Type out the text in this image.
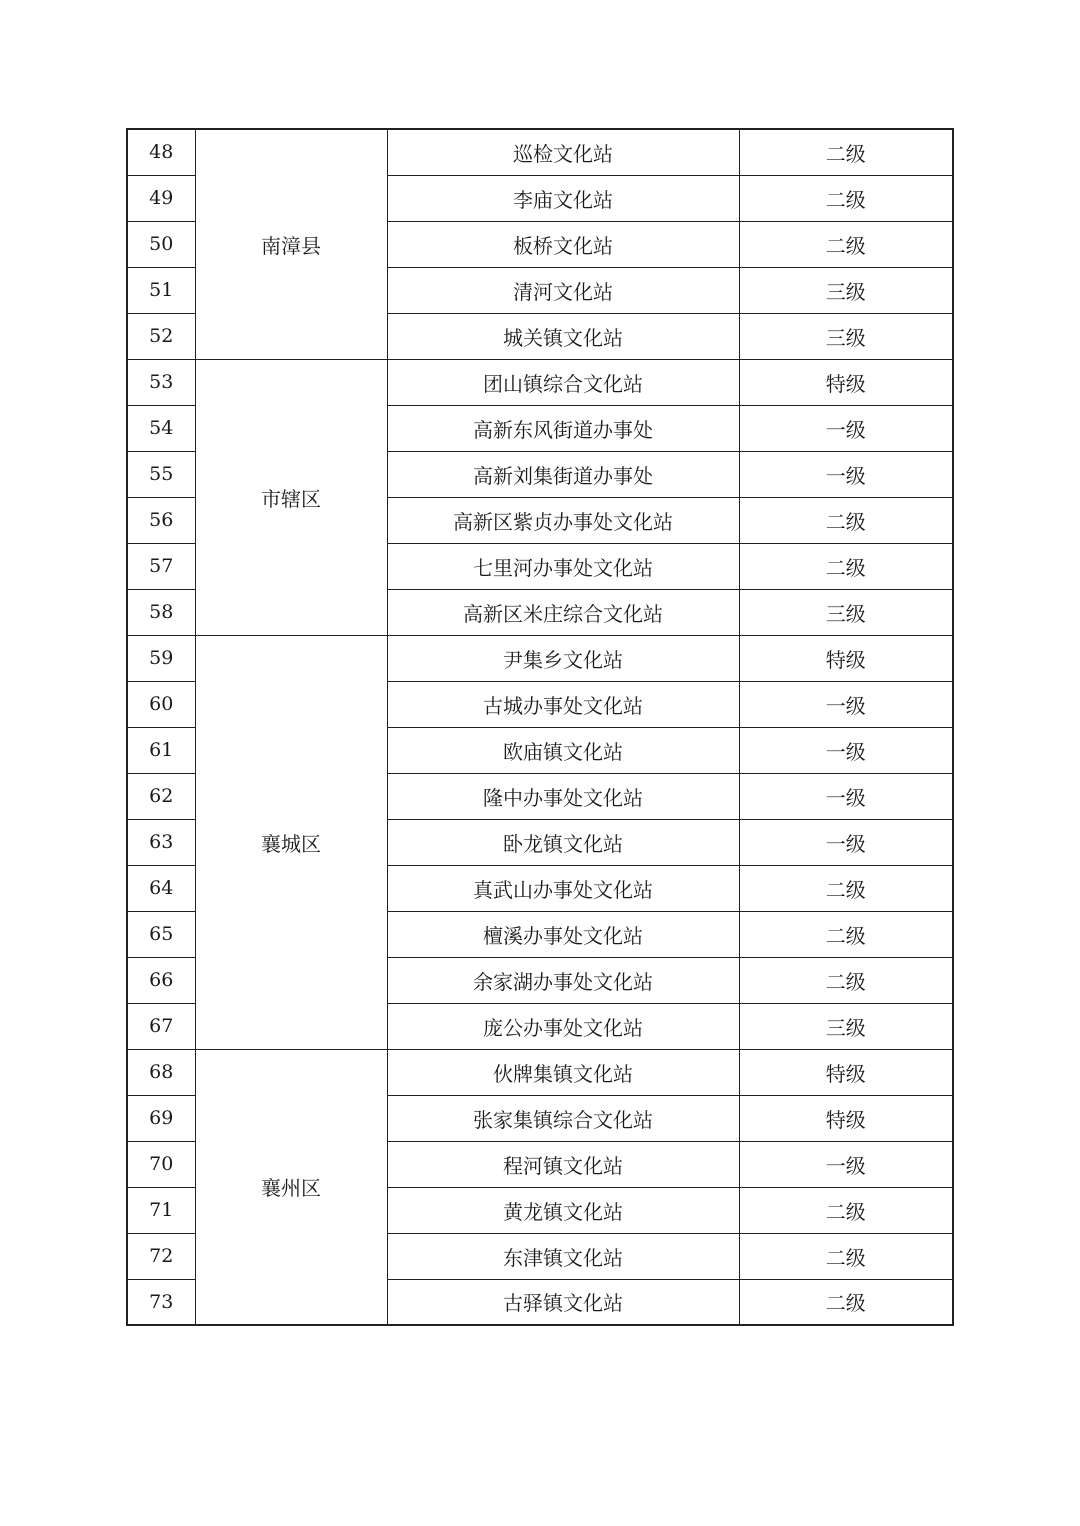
48	南漳县	巡检文化站	二级
49		李庙文化站	二级
50		板桥文化站	二级
51		清河文化站	三级
52		城关镇文化站	三级
53	市辖区	团山镇综合文化站	特级
54		高新东风街道办事处	一级
55		高新刘集街道办事处	一级
56		高新区紫贞办事处文化站	二级
57		七里河办事处文化站	二级
58		高新区米庄综合文化站	三级
59	襄城区	尹集乡文化站	特级
60		古城办事处文化站	一级
61		欧庙镇文化站	一级
62		隆中办事处文化站	一级
63		卧龙镇文化站	一级
64		真武山办事处文化站	二级
65		檀溪办事处文化站	二级
66		余家湖办事处文化站	二级
67		庞公办事处文化站	三级
68	襄州区	伙牌集镇文化站	特级
69		张家集镇综合文化站	特级
70		程河镇文化站	一级
71		黄龙镇文化站	二级
72		东津镇文化站	二级
73		古驿镇文化站	二级
